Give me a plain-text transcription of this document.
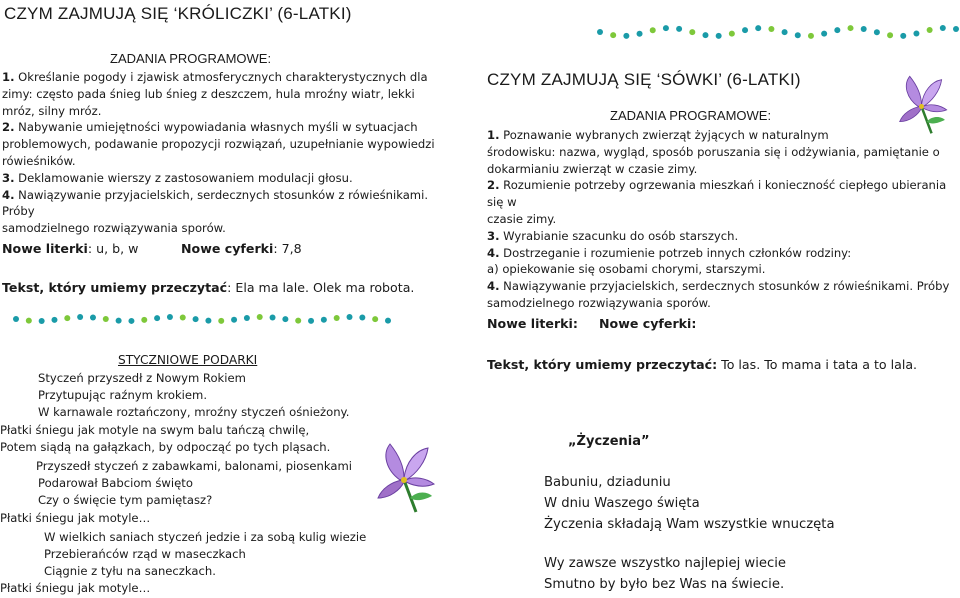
CZYM ZAJMUJĄ SIĘ ‘KRÓLICZKI’ (6-LATKI)
ZADANIA PROGRAMOWE:
1. Określanie pogody i zjawisk atmosferycznych charakterystycznych dla
zimy: często pada śnieg lub śnieg z deszczem, hula mroźny wiatr, lekki
mróz, silny mróz.
2. Nabywanie umiejętności wypowiadania własnych myśli w sytuacjach
problemowych, podawanie propozycji rozwiązań, uzupełnianie wypowiedzi
rówieśników.
3. Deklamowanie wierszy z zastosowaniem modulacji głosu.
4. Nawiązywanie przyjacielskich, serdecznych stosunków z rówieśnikami. Próby
samodzielnego rozwiązywania sporów.
Nowe literki: u, b, w	Nowe cyferki: 7,8
Tekst, który umiemy przeczytać: Ela ma lale. Olek ma robota.
STYCZNIOWE PODARKI
Styczeń przyszedł z Nowym Rokiem
Przytupując raźnym krokiem.
W karnawale roztańczony, mroźny styczeń ośnieżony.
Płatki śniegu jak motyle na swym balu tańczą chwilę,
Potem siądą na gałązkach, by odpocząć po tych pląsach.
Przyszedł styczeń z zabawkami, balonami, piosenkami
Podarował Babciom święto
Czy o święcie tym pamiętasz?
Płatki śniegu jak motyle…
W wielkich saniach styczeń jedzie i za sobą kulig wiezie
Przebierańców rząd w maseczkach
Ciągnie z tyłu na saneczkach.
Płatki śniegu jak motyle…
CZYM ZAJMUJĄ SIĘ ‘SÓWKI’ (6-LATKI)
ZADANIA PROGRAMOWE:
1. Poznawanie wybranych zwierząt żyjących w naturalnym
środowisku: nazwa, wygląd, sposób poruszania się i odżywiania, pamiętanie o
dokarmianiu zwierząt w czasie zimy.
2. Rozumienie potrzeby ogrzewania mieszkań i konieczność ciepłego ubierania się w
czasie zimy.
3. Wyrabianie szacunku do osób starszych.
4. Dostrzeganie i rozumienie potrzeb innych członków rodziny:
a) opiekowanie się osobami chorymi, starszymi.
4. Nawiązywanie przyjacielskich, serdecznych stosunków z rówieśnikami. Próby
samodzielnego rozwiązywania sporów.
Nowe literki: Nowe cyferki:
Tekst, który umiemy przeczytać: To las. To mama i tata a to lala.
„Życzenia”
Babuniu, dziaduniu
W dniu Waszego święta
Życzenia składają Wam wszystkie wnuczęta
Wy zawsze wszystko najlepiej wiecie
Smutno by było bez Was na świecie.
